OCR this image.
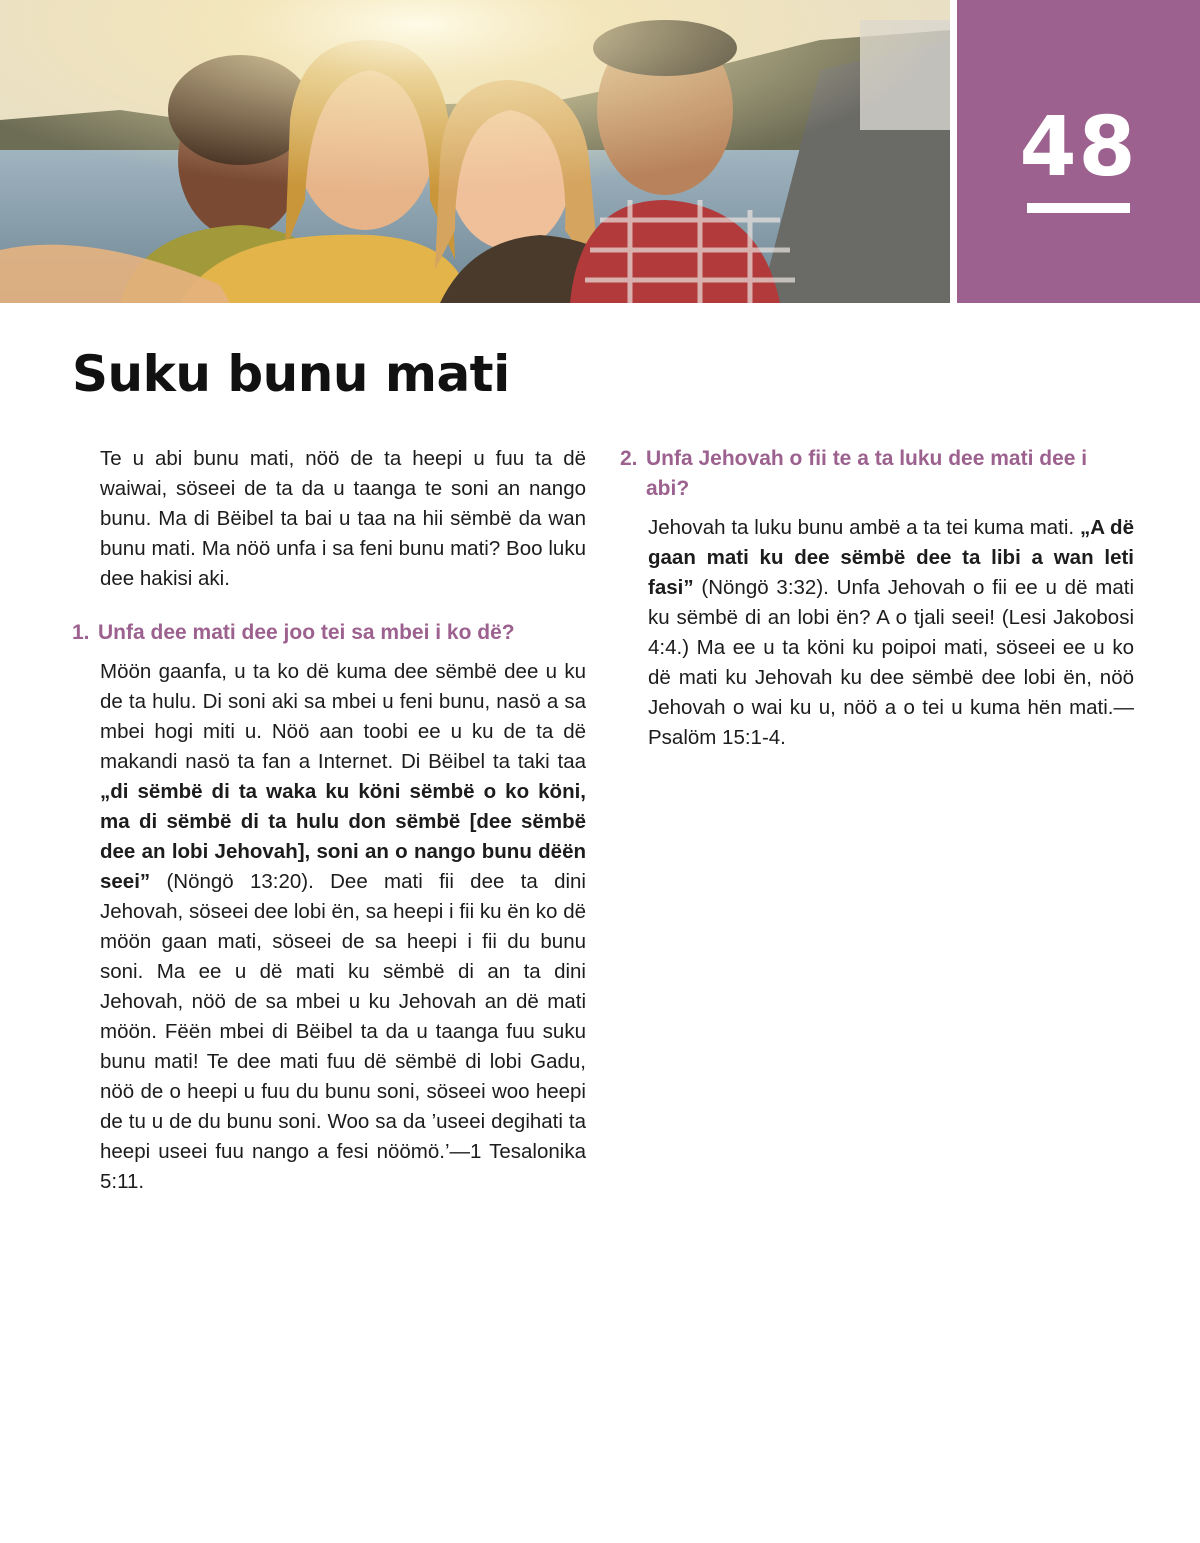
48
Suku bunu mati

Te u abi bunu mati, nöö de ta heepi u fuu ta dë waiwai, söseei de ta da u taanga te soni an nango bunu. Ma di Bëibel ta bai u taa na hii sëmbë da wan bunu mati. Ma nöö unfa i sa feni bunu mati? Boo luku dee hakisi aki.

1. Unfa dee mati dee joo tei sa mbei i ko dë?

Möön gaanfa, u ta ko dë kuma dee sëmbë dee u ku de ta hulu. Di soni aki sa mbei u feni bunu, nasö a sa mbei hogi miti u. Nöö aan toobi ee u ku de ta dë makandi nasö ta fan a Internet. Di Bëibel ta taki taa „di sëmbë di ta waka ku köni sëmbë o ko köni, ma di sëmbë di ta hulu don sëmbë [dee sëmbë dee an lobi Jehovah], soni an o nango bunu dëën seei” (Nöngö 13:20). Dee mati fii dee ta dini Jehovah, söseei dee lobi ën, sa heepi i fii ku ën ko dë möön gaan mati, söseei de sa heepi i fii du bunu soni. Ma ee u dë mati ku sëmbë di an ta dini Jehovah, nöö de sa mbei u ku Jehovah an dë mati möön. Fëën mbei di Bëibel ta da u taanga fuu suku bunu mati! Te dee mati fuu dë sëmbë di lobi Gadu, nöö de o heepi u fuu du bunu soni, söseei woo heepi de tu u de du bunu soni. Woo sa da ’useei degihati ta heepi useei fuu nango a fesi nöömö.’—1 Tesalonika 5:11.

2. Unfa Jehovah o fii te a ta luku dee mati dee i abi?

Jehovah ta luku bunu ambë a ta tei kuma mati. „A dë gaan mati ku dee sëmbë dee ta libi a wan leti fasi” (Nöngö 3:32). Unfa Jehovah o fii ee u dë mati ku sëmbë di an lobi ën? A o tjali seei! (Lesi Jakobosi 4:4.) Ma ee u ta köni ku poipoi mati, söseei ee u ko dë mati ku Jehovah ku dee sëmbë dee lobi ën, nöö Jehovah o wai ku u, nöö a o tei u kuma hën mati.—Psalöm 15:1-4.
